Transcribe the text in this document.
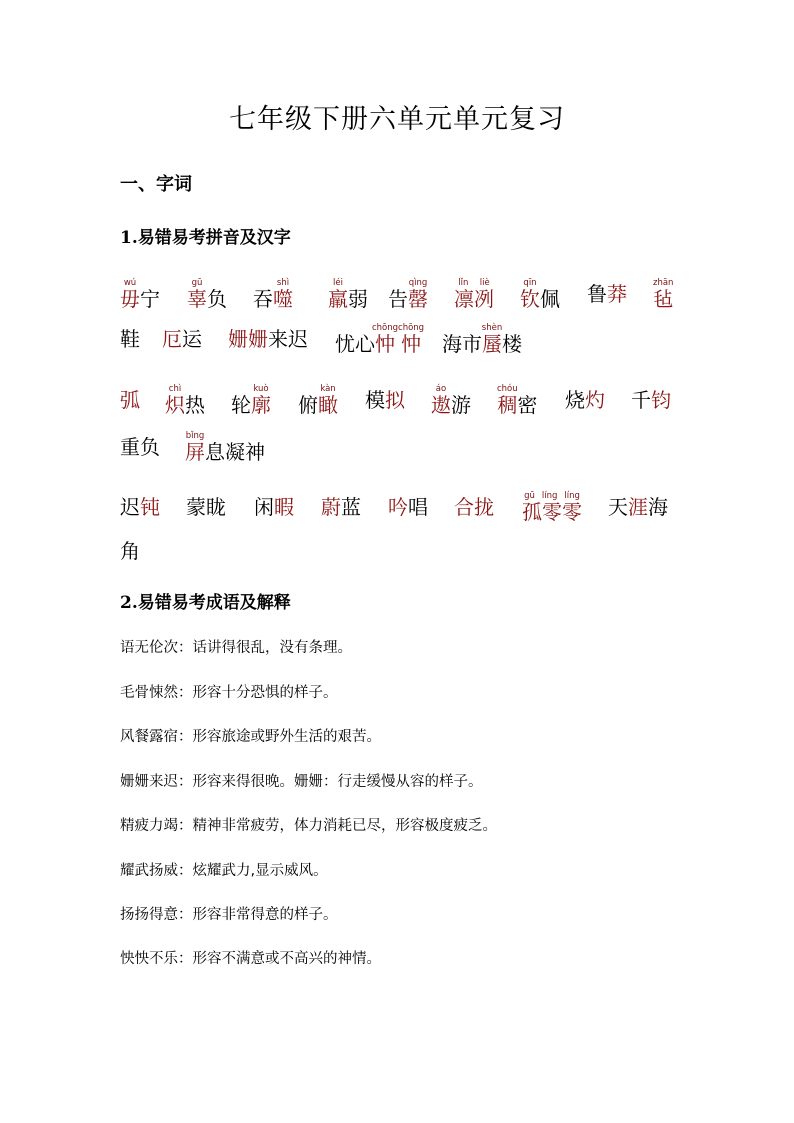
七年级下册六单元单元复习
一、字词
1.易错易考拼音及汉字
毋wú宁 辜gū负 吞噬shì
羸léi弱 告罄qìng
凛冽lǐn liè
钦qīn佩 鲁莽 毡zhān
鞋 厄运 姗姗来迟 忧心忡忡chōngchōng
海市蜃shèn楼
弧 炽chì热 轮廓kuò
俯瞰kàn 模拟 遨áo游 稠chóu密 烧灼 千钧
重负 屏bǐng息凝神
迟钝 蒙眬 闲暇 蔚蓝 吟唱 合拢 孤零零gū líng líng 天涯海
角
2.易错易考成语及解释
语无伦次：话讲得很乱，没有条理。
毛骨悚然：形容十分恐惧的样子。
风餐露宿：形容旅途或野外生活的艰苦。
姗姗来迟：形容来得很晚。姗姗：行走缓慢从容的样子。
精疲力竭：精神非常疲劳，体力消耗已尽，形容极度疲乏。
耀武扬威：炫耀武力,显示威风。
扬扬得意：形容非常得意的样子。
怏怏不乐：形容不满意或不高兴的神情。
